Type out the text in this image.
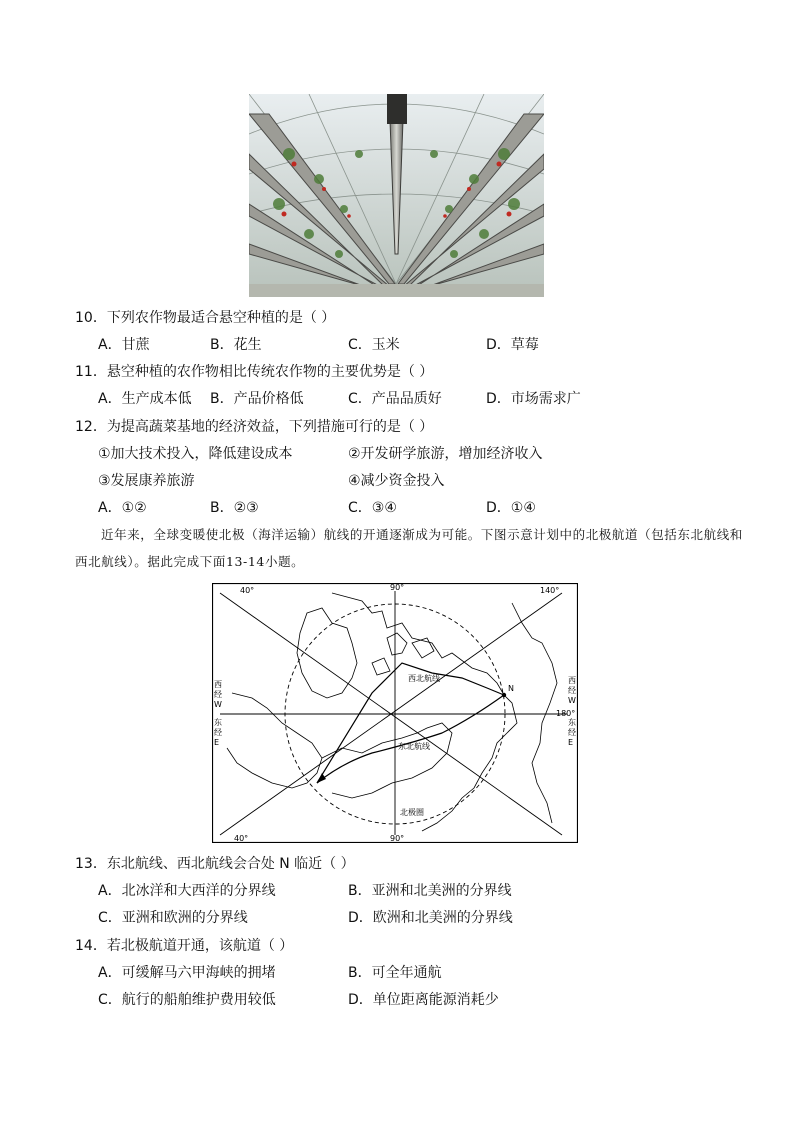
10．下列农作物最适合悬空种植的是（ ）
A．甘蔗	B．花生	C．玉米	D．草莓
11．悬空种植的农作物相比传统农作物的主要优势是（ ）
A．生产成本低 B．产品价格低	C．产品品质好	D．市场需求广
12．为提高蔬菜基地的经济效益，下列措施可行的是（ ）
①加大技术投入，降低建设成本	②开发研学旅游，增加经济收入
③发展康养旅游	④减少资金投入
A．①②	B．②③	C．③④	D．①④
近年来，全球变暖使北极（海洋运输）航线的开通逐渐成为可能。下图示意计划中的北极航道（包括东北航线和西北航线）。据此完成下面13-14小题。
40°	90°	140°
40°	90°
180°
西
经
W
东
经
E
西
经
W
东
经
E
西北航线
东北航线
北极圈
N
13．东北航线、西北航线会合处 N 临近（ ）
A．北冰洋和大西洋的分界线	B．亚洲和北美洲的分界线
C．亚洲和欧洲的分界线	D．欧洲和北美洲的分界线
14．若北极航道开通，该航道（ ）
A．可缓解马六甲海峡的拥堵	B．可全年通航
C．航行的船舶维护费用较低	D．单位距离能源消耗少
